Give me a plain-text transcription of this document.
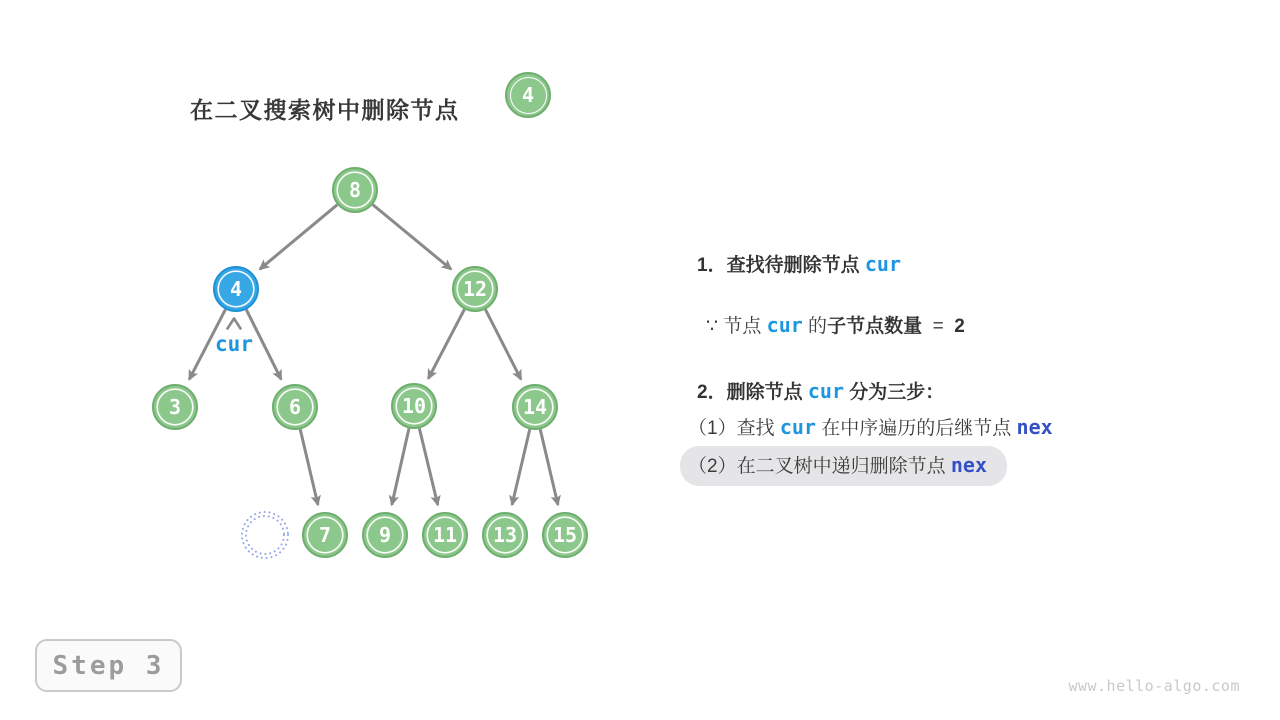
在二叉搜索树中删除节点
4
8
4	12
3	6	10	14
7 9 11 13 15
cur
1．查找待删除节点 cur
∵ 节点 cur 的子节点数量  =  2
2．删除节点 cur 分为三步：
（1）查找 cur 在中序遍历的后继节点 nex
（2）在二叉树中递归删除节点 nex
Step 3
www.hello-algo.com
